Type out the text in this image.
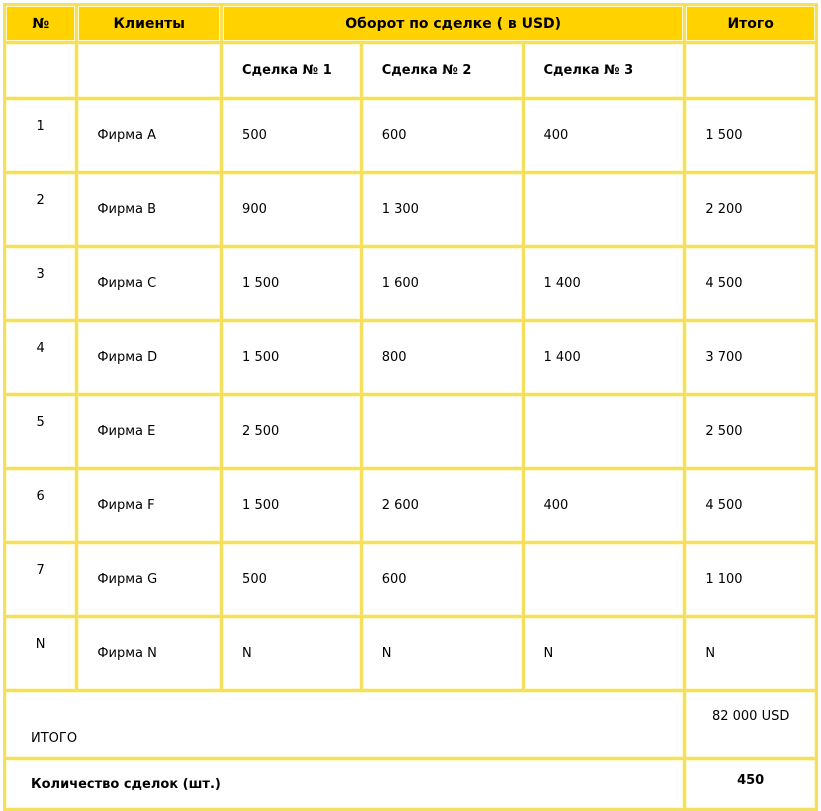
№	Клиенты	Оборот по сделке ( в USD)			Итого
		Сделка № 1	Сделка № 2	Сделка № 3	
1	Фирма А	500	600	400	1 500
2	Фирма B	900	1 300		2 200
3	Фирма C	1 500	1 600	1 400	4 500
4	Фирма D	1 500	800	1 400	3 700
5	Фирма E	2 500			2 500
6	Фирма F	1 500	2 600	400	4 500
7	Фирма G	500	600		1 100
N	Фирма N	N	N	N	N
ИТОГО					82 000 USD
Количество сделок (шт.)					450
